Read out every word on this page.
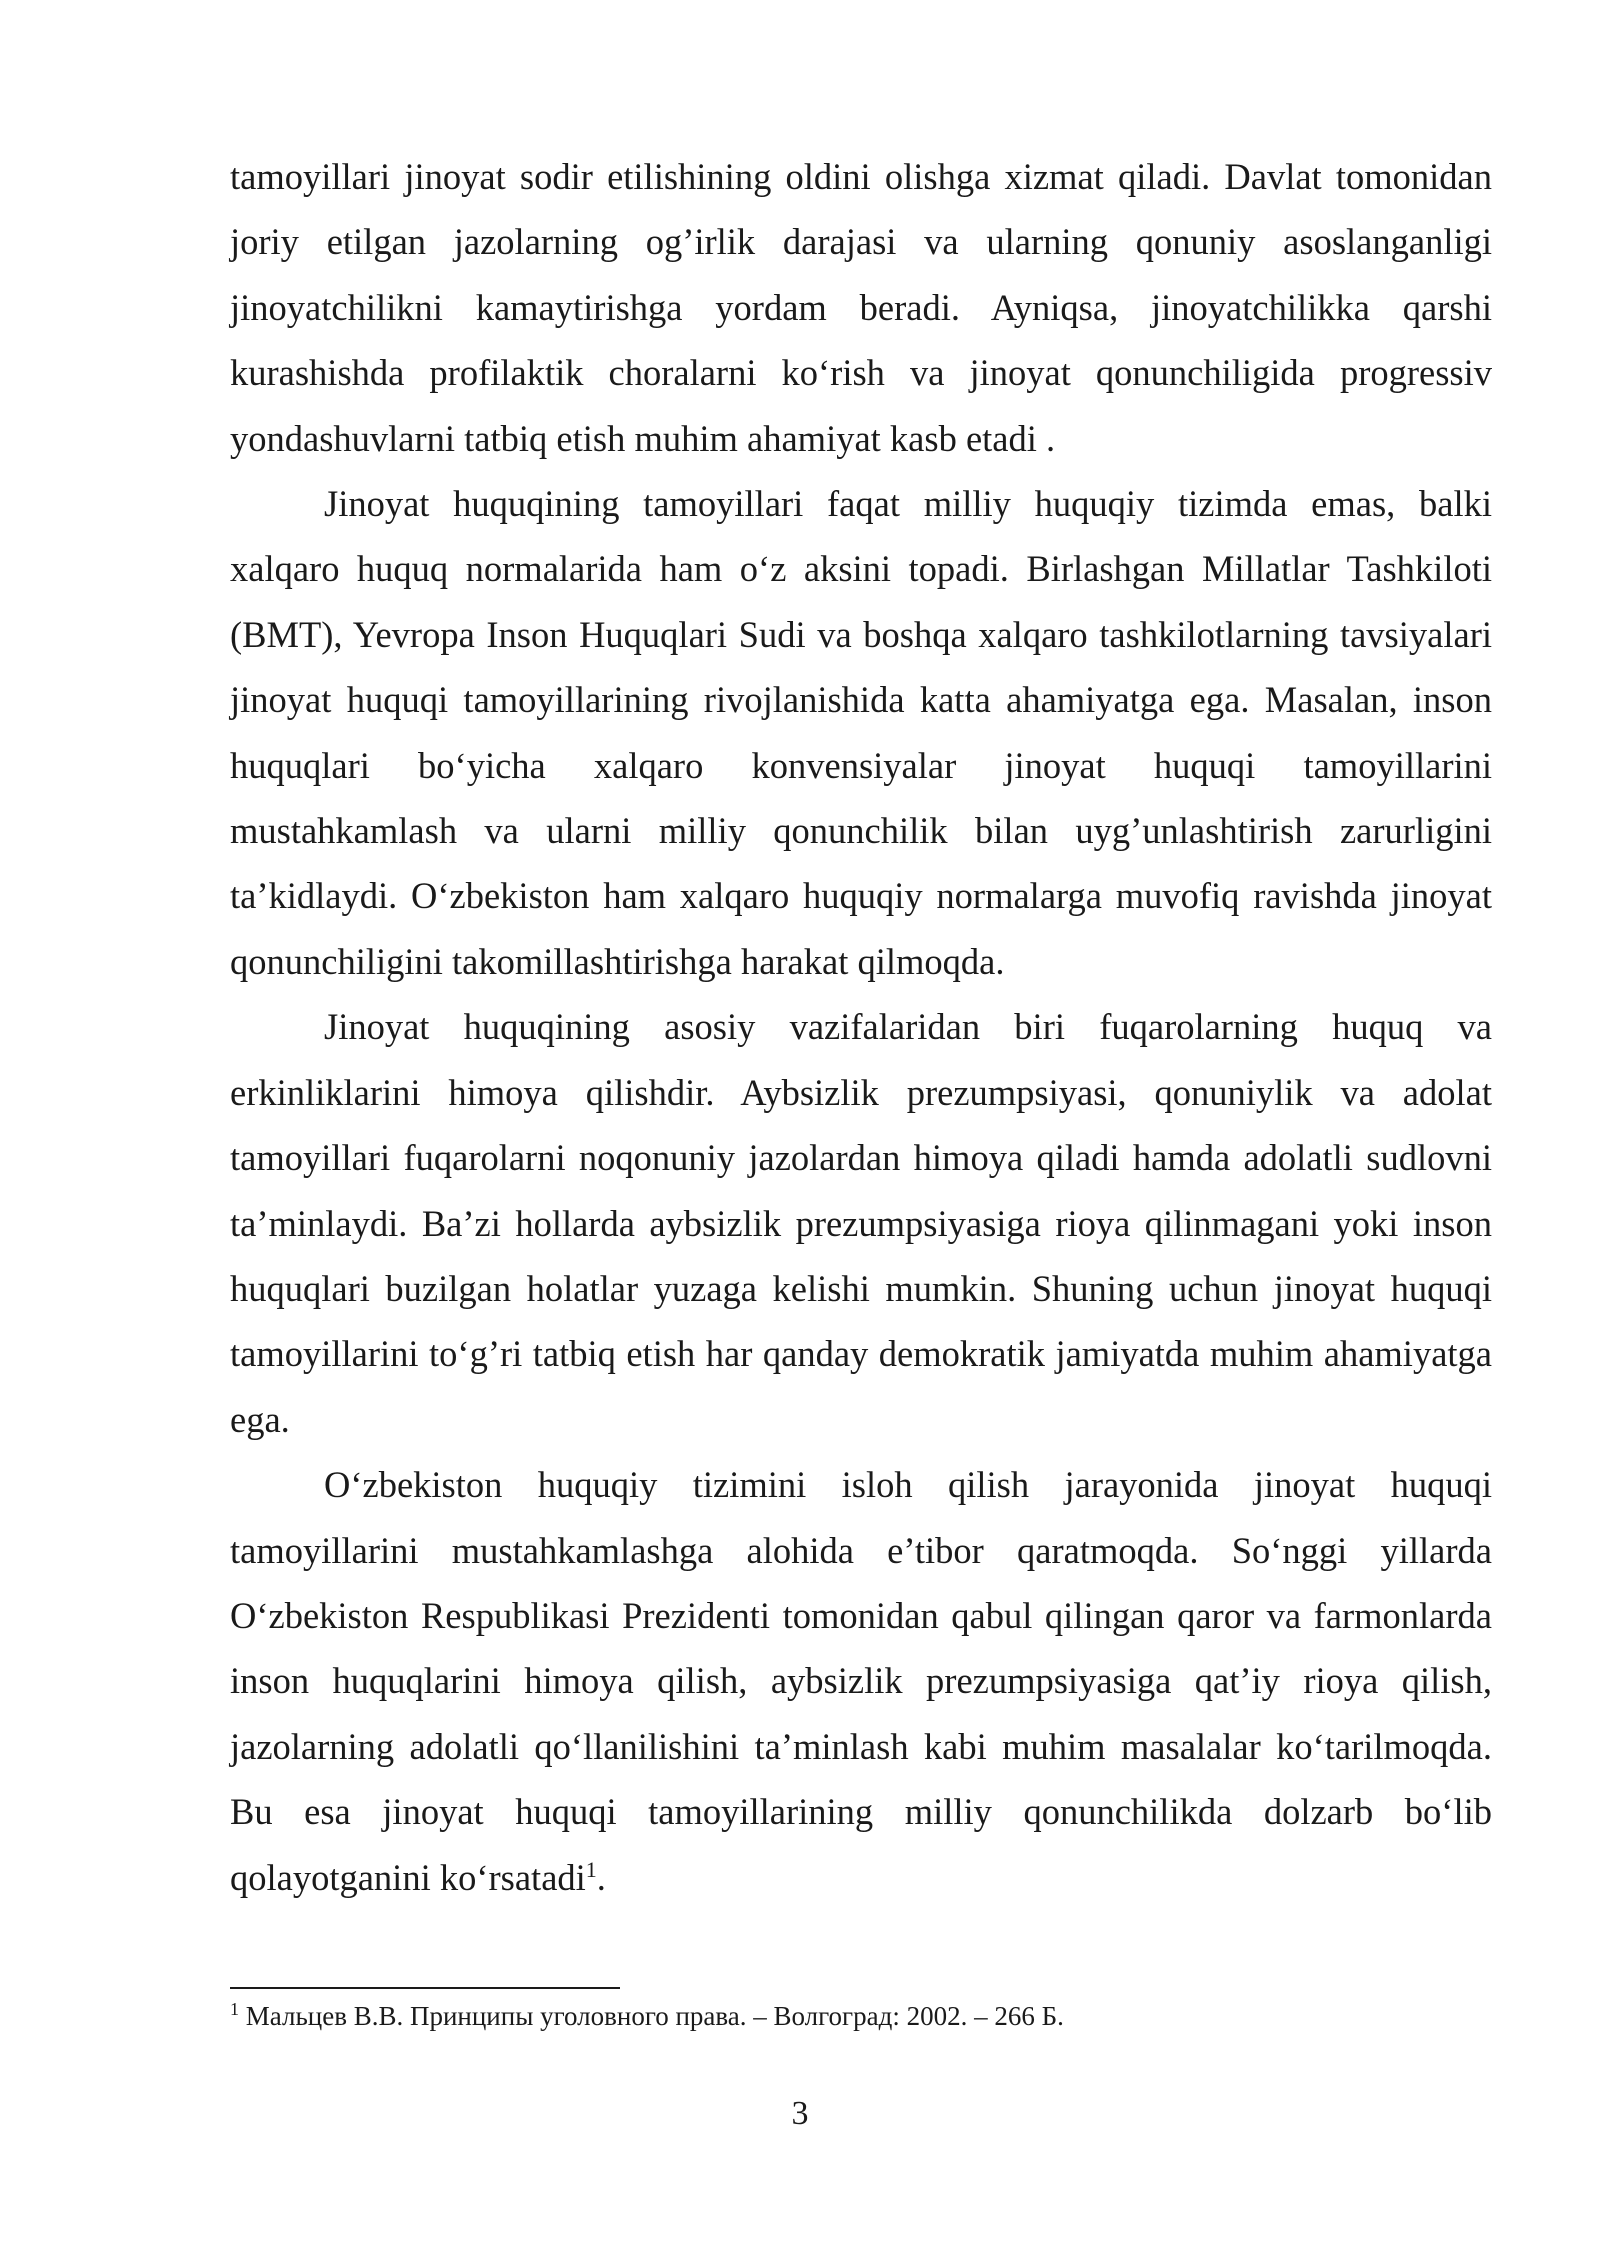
tamoyillari jinoyat sodir etilishining oldini olishga xizmat qiladi. Davlat tomonidan joriy etilgan jazolarning og’irlik darajasi va ularning qonuniy asoslanganligi jinoyatchilikni kamaytirishga yordam beradi. Ayniqsa, jinoyatchilikka qarshi kurashishda profilaktik choralarni ko‘rish va jinoyat qonunchiligida progressiv yondashuvlarni tatbiq etish muhim ahamiyat kasb etadi .

Jinoyat huquqining tamoyillari faqat milliy huquqiy tizimda emas, balki xalqaro huquq normalarida ham o‘z aksini topadi. Birlashgan Millatlar Tashkiloti (BMT), Yevropa Inson Huquqlari Sudi va boshqa xalqaro tashkilotlarning tavsiyalari jinoyat huquqi tamoyillarining rivojlanishida katta ahamiyatga ega. Masalan, inson huquqlari bo‘yicha xalqaro konvensiyalar jinoyat huquqi tamoyillarini mustahkamlash va ularni milliy qonunchilik bilan uyg’unlashtirish zarurligini ta’kidlaydi. O‘zbekiston ham xalqaro huquqiy normalarga muvofiq ravishda jinoyat qonunchiligini takomillashtirishga harakat qilmoqda.

Jinoyat huquqining asosiy vazifalaridan biri fuqarolarning huquq va erkinliklarini himoya qilishdir. Aybsizlik prezumpsiyasi, qonuniylik va adolat tamoyillari fuqarolarni noqonuniy jazolardan himoya qiladi hamda adolatli sudlovni ta’minlaydi. Ba’zi hollarda aybsizlik prezumpsiyasiga rioya qilinmagani yoki inson huquqlari buzilgan holatlar yuzaga kelishi mumkin. Shuning uchun jinoyat huquqi tamoyillarini to‘g’ri tatbiq etish har qanday demokratik jamiyatda muhim ahamiyatga ega.

O‘zbekiston huquqiy tizimini isloh qilish jarayonida jinoyat huquqi tamoyillarini mustahkamlashga alohida e’tibor qaratmoqda. So‘nggi yillarda O‘zbekiston Respublikasi Prezidenti tomonidan qabul qilingan qaror va farmonlarda inson huquqlarini himoya qilish, aybsizlik prezumpsiyasiga qat’iy rioya qilish, jazolarning adolatli qo‘llanilishini ta’minlash kabi muhim masalalar ko‘tarilmoqda. Bu esa jinoyat huquqi tamoyillarining milliy qonunchilikda dolzarb bo‘lib qolayotganini ko‘rsatadi$^1$.

$^1$ Мальцев В.В. Принципы уголовного права. – Волгоград: 2002. – 266 Б.
3
